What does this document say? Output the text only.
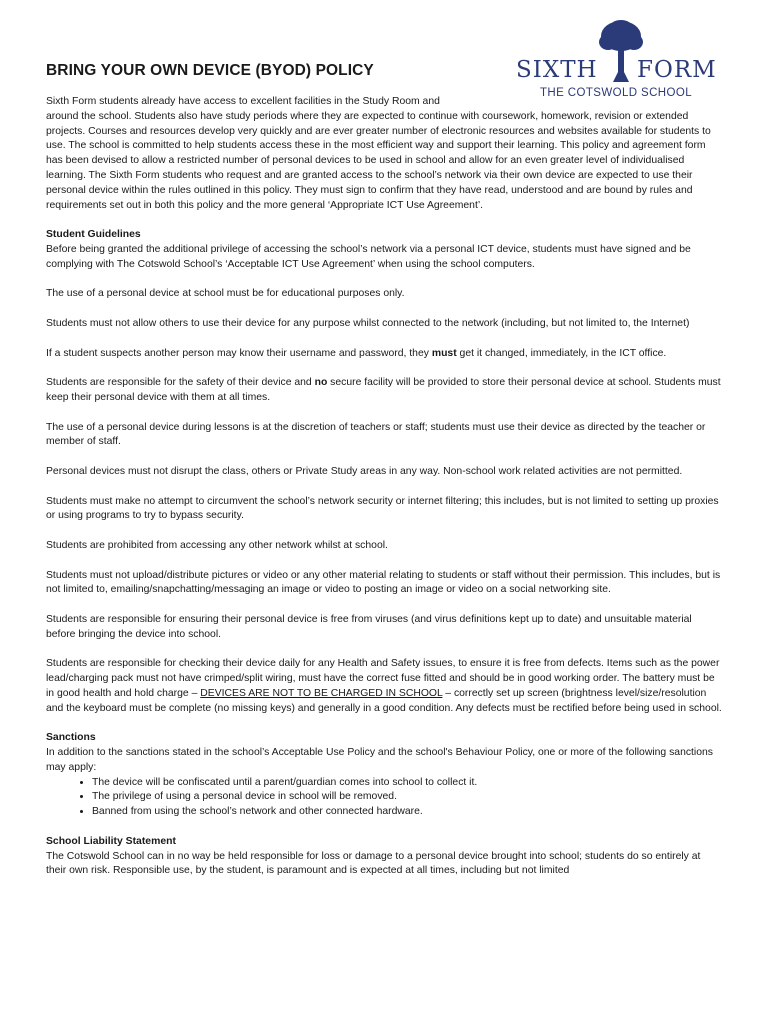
BRING YOUR OWN DEVICE (BYOD) POLICY	SIXTH FORM
THE COTSWOLD SCHOOL

Sixth Form students already have access to excellent facilities in the Study Room and
around the school. Students also have study periods where they are expected to continue with coursework, homework, revision or extended projects. Courses and resources develop very quickly and are ever greater number of electronic resources and websites available for students to use. The school is committed to help students access these in the most efficient way and support their learning. This policy and agreement form has been devised to allow a restricted number of personal devices to be used in school and allow for an even greater level of individualised learning. The Sixth Form students who request and are granted access to the school’s network via their own device are expected to use their personal device within the rules outlined in this policy. They must sign to confirm that they have read, understood and are bound by rules and requirements set out in both this policy and the more general ‘Appropriate ICT Use Agreement’.

Student Guidelines
Before being granted the additional privilege of accessing the school’s network via a personal ICT device, students must have signed and be complying with The Cotswold School’s ‘Acceptable ICT Use Agreement’ when using the school computers.

The use of a personal device at school must be for educational purposes only.

Students must not allow others to use their device for any purpose whilst connected to the network (including, but not limited to, the Internet)

If a student suspects another person may know their username and password, they must get it changed, immediately, in the ICT office.

Students are responsible for the safety of their device and no secure facility will be provided to store their personal device at school. Students must keep their personal device with them at all times.

The use of a personal device during lessons is at the discretion of teachers or staff; students must use their device as directed by the teacher or member of staff.

Personal devices must not disrupt the class, others or Private Study areas in any way. Non-school work related activities are not permitted.

Students must make no attempt to circumvent the school’s network security or internet filtering; this includes, but is not limited to setting up proxies or using programs to try to bypass security.

Students are prohibited from accessing any other network whilst at school.

Students must not upload/distribute pictures or video or any other material relating to students or staff without their permission. This includes, but is not limited to, emailing/snapchatting/messaging an image or video to posting an image or video on a social networking site.

Students are responsible for ensuring their personal device is free from viruses (and virus definitions kept up to date) and unsuitable material before bringing the device into school.

Students are responsible for checking their device daily for any Health and Safety issues, to ensure it is free from defects. Items such as the power lead/charging pack must not have crimped/split wiring, must have the correct fuse fitted and should be in good working order. The battery must be in good health and hold charge – DEVICES ARE NOT TO BE CHARGED IN SCHOOL – correctly set up screen (brightness level/size/resolution and the keyboard must be complete (no missing keys) and generally in a good condition. Any defects must be rectified before being used in school.

Sanctions
In addition to the sanctions stated in the school’s Acceptable Use Policy and the school's Behaviour Policy, one or more of the following sanctions may apply:
• The device will be confiscated until a parent/guardian comes into school to collect it.
• The privilege of using a personal device in school will be removed.
• Banned from using the school’s network and other connected hardware.
School Liability Statement
The Cotswold School can in no way be held responsible for loss or damage to a personal device brought into school; students do so entirely at their own risk. Responsible use, by the student, is paramount and is expected at all times, including but not limited
